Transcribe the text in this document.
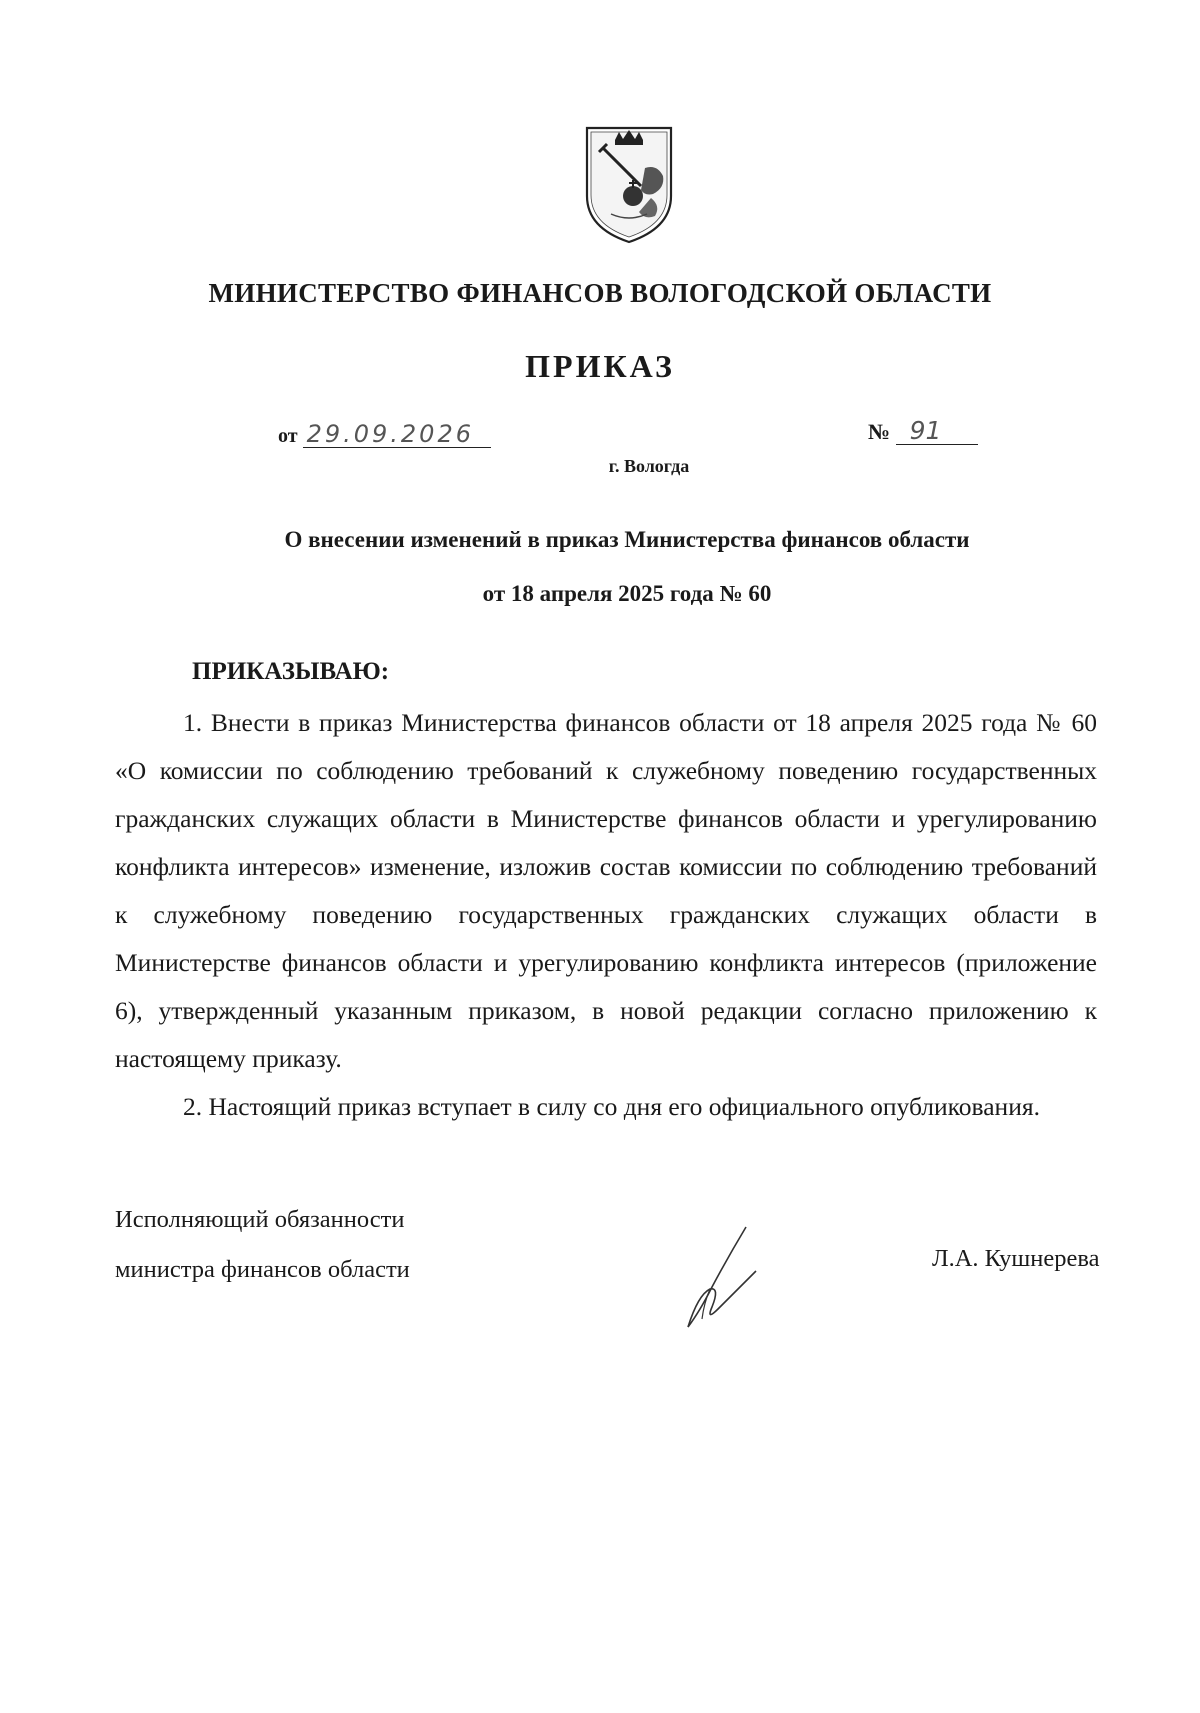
МИНИСТЕРСТВО ФИНАНСОВ ВОЛОГОДСКОЙ ОБЛАСТИ
ПРИКАЗ
от 29.09.2026	№ 91
г. Вологда
О внесении изменений в приказ Министерства финансов области
от 18 апреля 2025 года № 60
ПРИКАЗЫВАЮ:

1. Внести в приказ Министерства финансов области от 18 апреля 2025 года № 60 «О комиссии по соблюдению требований к служебному поведению государственных гражданских служащих области в Министерстве финансов области и урегулированию конфликта интересов» изменение, изложив состав комиссии по соблюдению требований к служебному поведению государственных гражданских служащих области в Министерстве финансов области и урегулированию конфликта интересов (приложение 6), утвержденный указанным приказом, в новой редакции согласно приложению к настоящему приказу.

2. Настоящий приказ вступает в силу со дня его официального опубликования.

Исполняющий обязанности
министра финансов области	Л.А. Кушнерева
